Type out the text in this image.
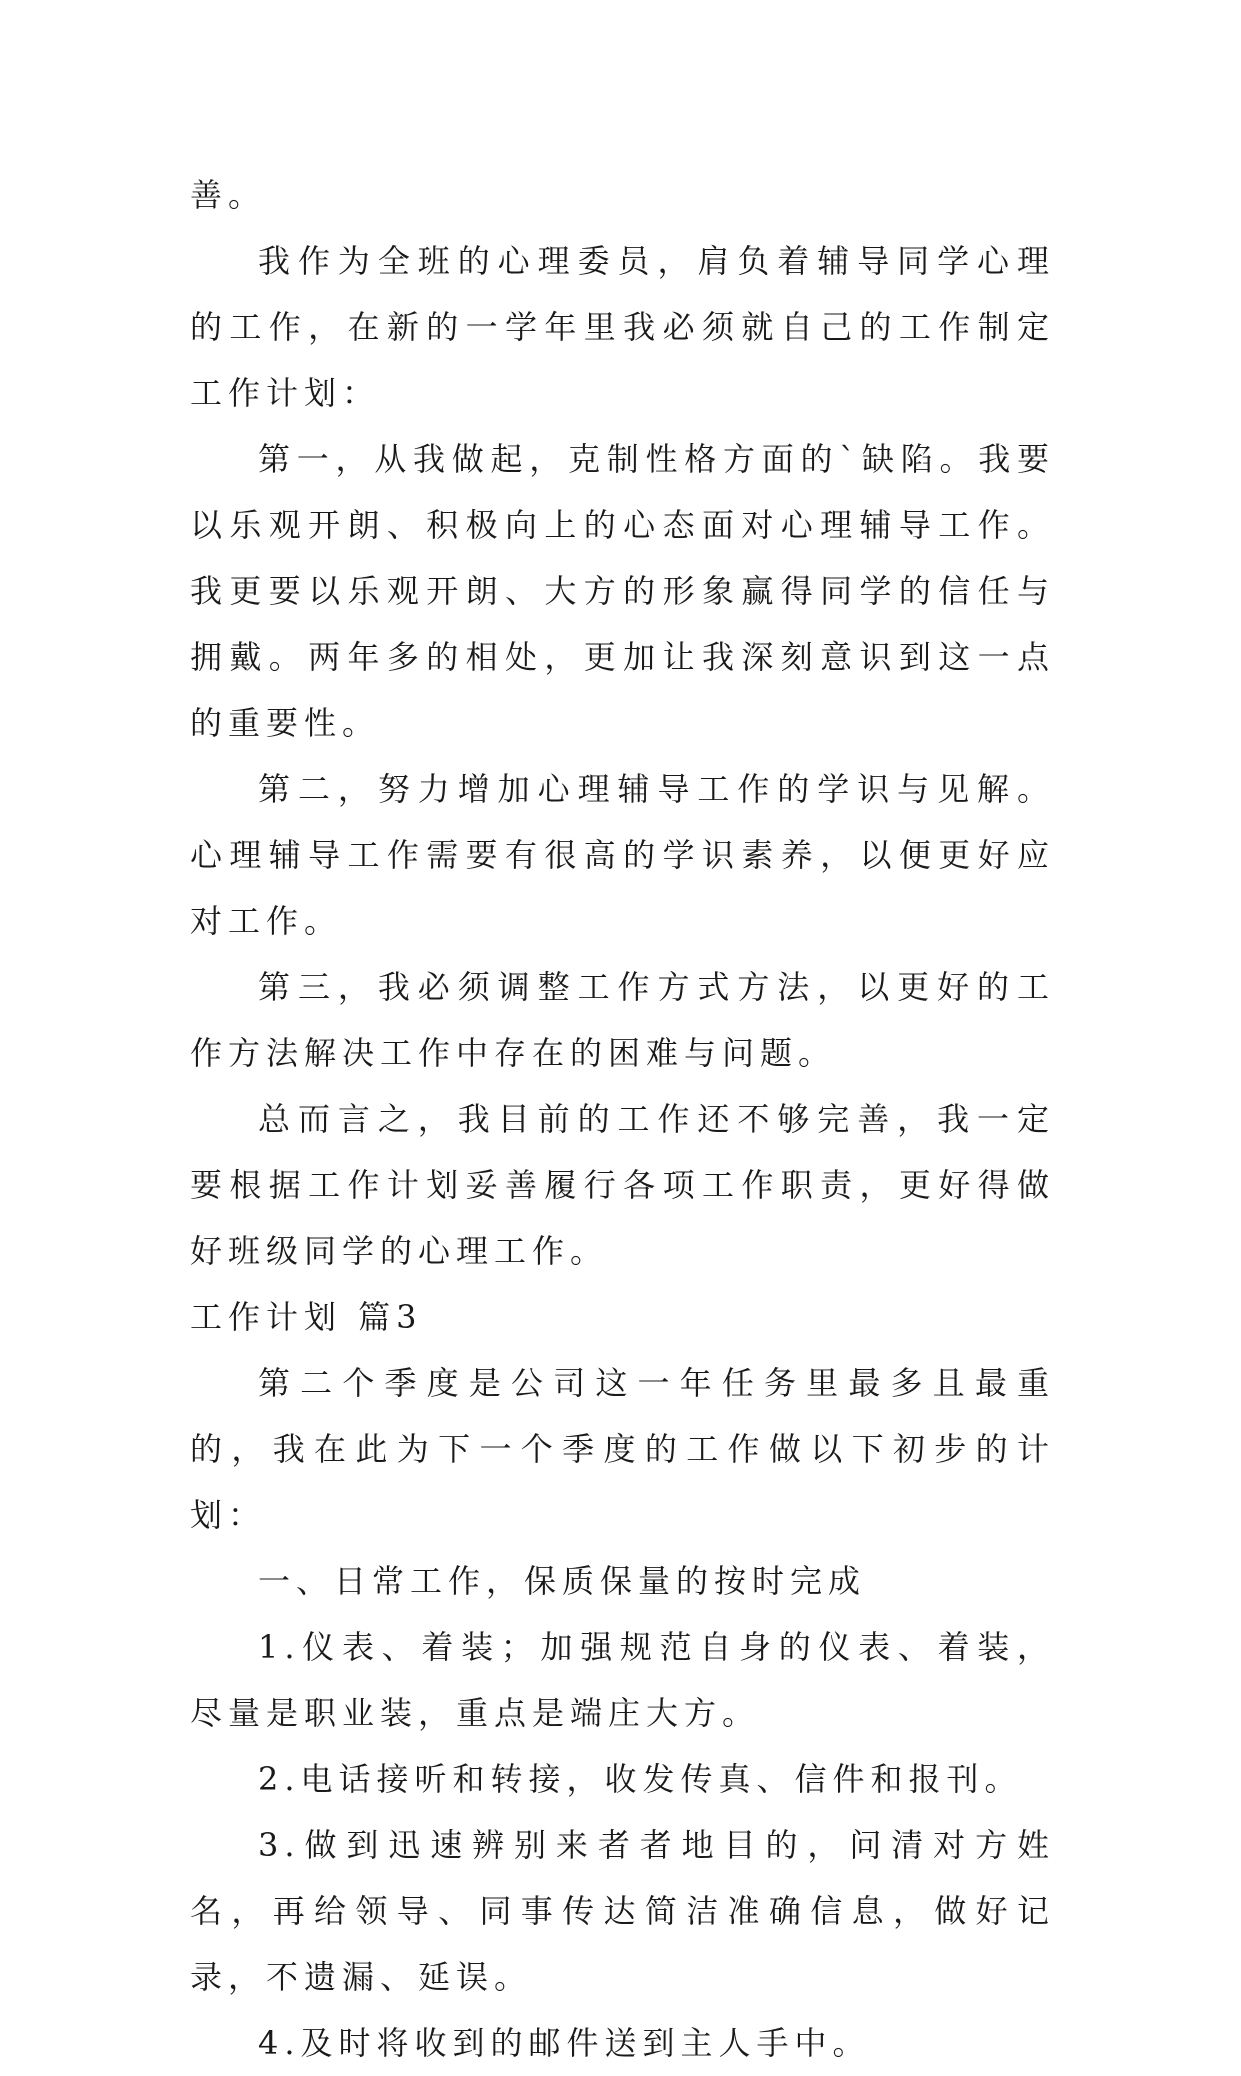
善。

我作为全班的心理委员，肩负着辅导同学心理的工作，在新的一学年里我必须就自己的工作制定工作计划：

第一，从我做起，克制性格方面的`缺陷。我要以乐观开朗、积极向上的心态面对心理辅导工作。我更要以乐观开朗、大方的形象赢得同学的信任与拥戴。两年多的相处，更加让我深刻意识到这一点的重要性。

第二，努力增加心理辅导工作的学识与见解。心理辅导工作需要有很高的学识素养，以便更好应对工作。

第三，我必须调整工作方式方法，以更好的工作方法解决工作中存在的困难与问题。

总而言之，我目前的工作还不够完善，我一定要根据工作计划妥善履行各项工作职责，更好得做好班级同学的心理工作。

工作计划 篇3

第二个季度是公司这一年任务里最多且最重的，我在此为下一个季度的工作做以下初步的计划：

一、日常工作，保质保量的按时完成

1.仪表、着装；加强规范自身的仪表、着装，尽量是职业装，重点是端庄大方。

2.电话接听和转接，收发传真、信件和报刊。

3.做到迅速辨别来者者地目的，问清对方姓名，再给领导、同事传达简洁准确信息，做好记录，不遗漏、延误。

4.及时将收到的邮件送到主人手中。
